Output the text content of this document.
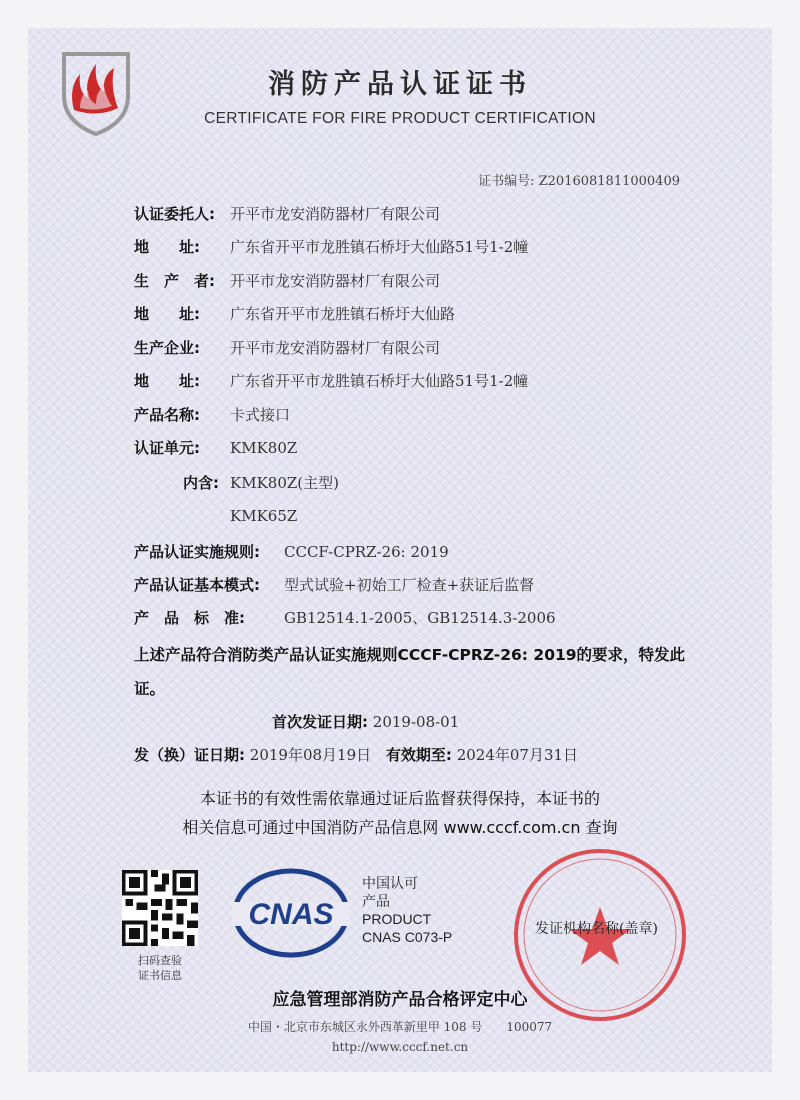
消防产品认证证书
CERTIFICATE FOR FIRE PRODUCT CERTIFICATION
证书编号: Z2016081811000409
认证委托人: 开平市龙安消防器材厂有限公司
地　　址: 广东省开平市龙胜镇石桥圩大仙路51号1-2幢
生　产　者: 开平市龙安消防器材厂有限公司
地　　址: 广东省开平市龙胜镇石桥圩大仙路
生产企业: 开平市龙安消防器材厂有限公司
地　　址: 广东省开平市龙胜镇石桥圩大仙路51号1-2幢
产品名称: 卡式接口
认证单元: KMK80Z
内含: KMK80Z(主型)
KMK65Z
产品认证实施规则: CCCF-CPRZ-26: 2019
产品认证基本模式: 型式试验+初始工厂检查+获证后监督
产　品　标　准:	GB12514.1-2005、GB12514.3-2006
上述产品符合消防类产品认证实施规则CCCF-CPRZ-26: 2019的要求，特发此证。
首次发证日期: 2019-08-01
发（换）证日期: 2019年08月19日 有效期至: 2024年07月31日
本证书的有效性需依靠通过证后监督获得保持，本证书的
相关信息可通过中国消防产品信息网 www.cccf.com.cn 查询
扫码查验
证书信息
CNAS
中国认可
产品
PRODUCT
CNAS C073-P	发证机构名称(盖章)
应急管理部消防产品合格评定中心
中国・北京市东城区永外西革新里甲 108 号　　100077
http://www.cccf.net.cn
